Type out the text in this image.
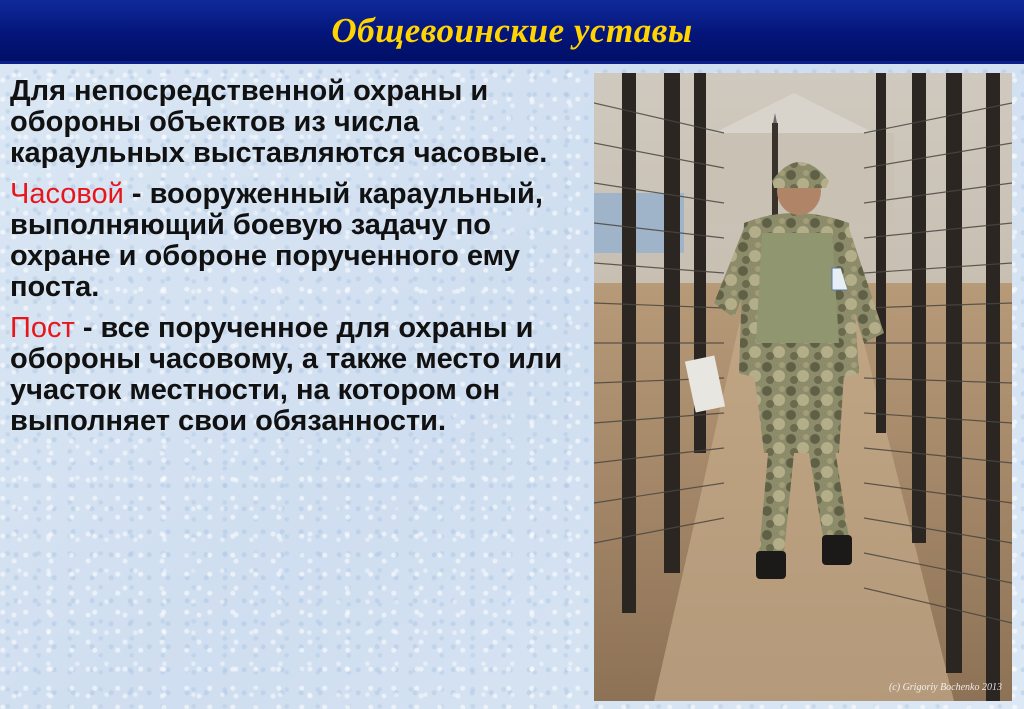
Общевоинские уставы

Для непосредственной охраны и обороны объектов из числа караульных выставляются часовые.

Часовой - вооруженный караульный, выполняющий боевую задачу по охране и обороне порученного ему поста.

Пост - все порученное для охраны и обороны часовому, а также место или участок местности, на котором он выполняет свои обязанности.

(c) Grigoriy Bochenko 2013
